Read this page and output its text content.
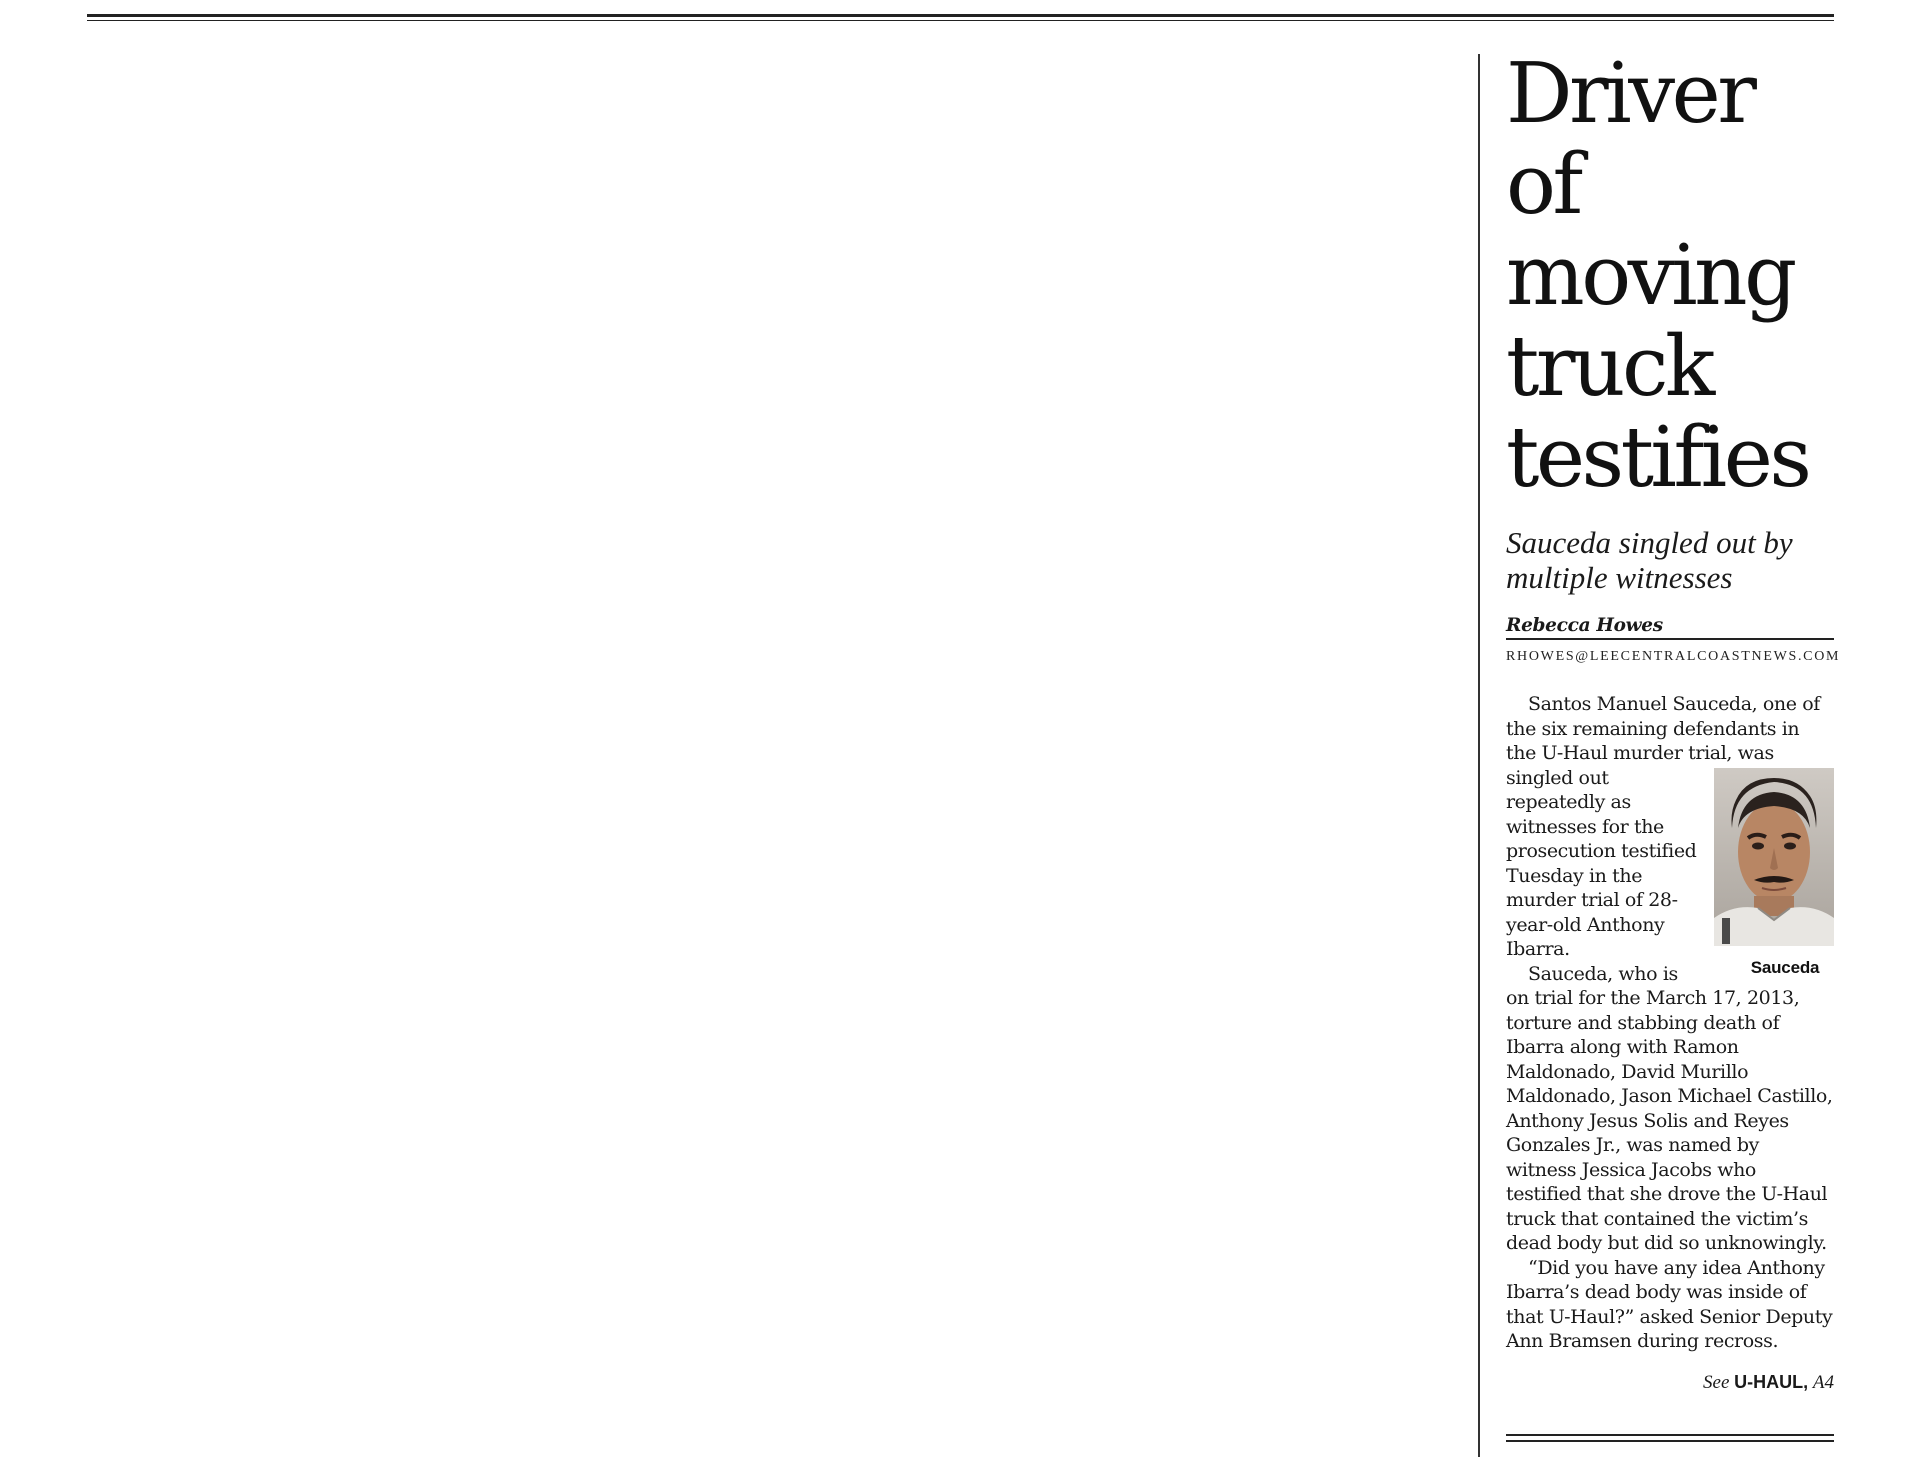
Driver of moving truck testifies
Sauceda singled out by multiple witnesses
Rebecca Howes
RHOWES@LEECENTRALCOASTNEWS.COM

Santos Manuel Sauceda, one of the six remaining defendants in the U-Haul murder trial,
Sauceda
was singled out repeatedly as witnesses for the prosecution testified Tuesday in the murder trial of 28-year-old Anthony Ibarra.

Sauceda, who is on trial for the March 17, 2013, torture and stabbing death of Ibarra along with Ramon Maldonado, David Murillo Maldonado, Jason Michael Castillo, Anthony Jesus Solis and Reyes Gonzales Jr., was named by witness Jessica Jacobs who testified that she drove the U-Haul truck that contained the victim’s dead body but did so unknowingly.

“Did you have any idea Anthony Ibarra’s dead body was inside of that U-Haul?” asked Senior Deputy Ann Bramsen during recross.

See U-HAUL, A4
